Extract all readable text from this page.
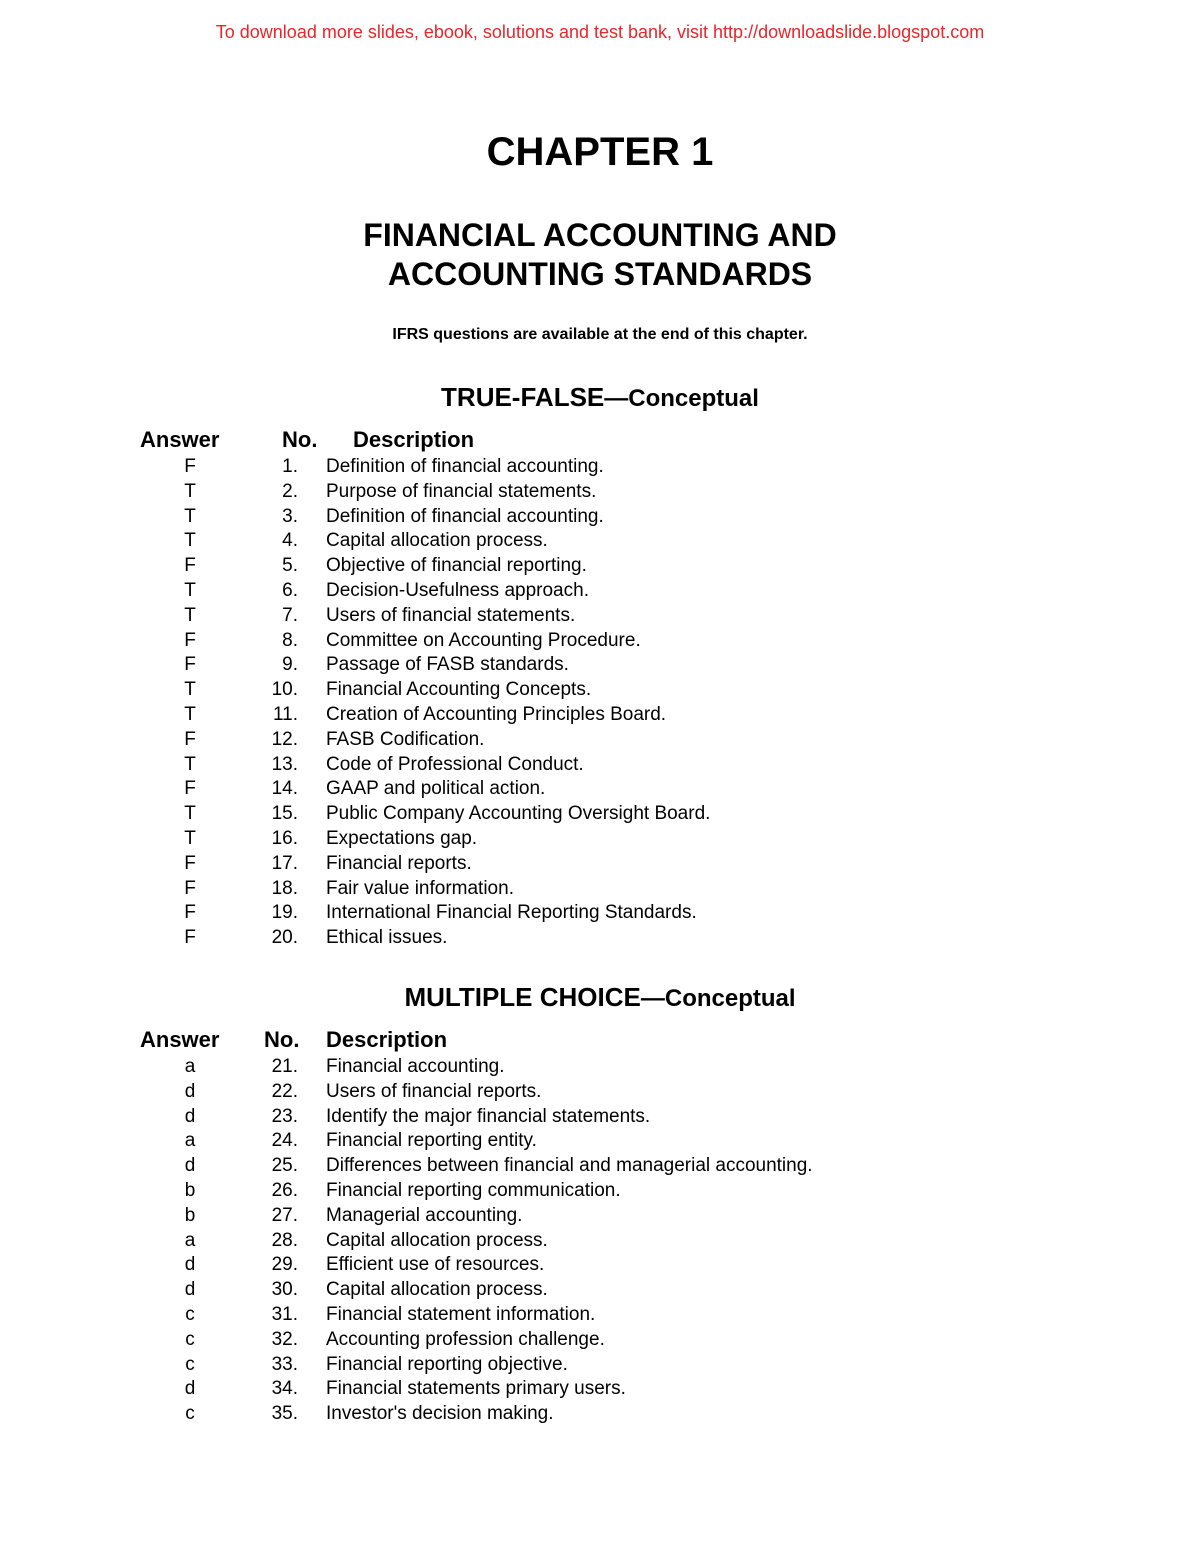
To download more slides, ebook, solutions and test bank, visit http://downloadslide.blogspot.com
CHAPTER 1
FINANCIAL ACCOUNTING AND
ACCOUNTING STANDARDS
IFRS questions are available at the end of this chapter.
TRUE-FALSE—Conceptual
Answer	No. Description
F	1. Definition of financial accounting.
T	2. Purpose of financial statements.
T	3. Definition of financial accounting.
T	4. Capital allocation process.
F	5. Objective of financial reporting.
T	6. Decision-Usefulness approach.
T	7. Users of financial statements.
F	8. Committee on Accounting Procedure.
F	9. Passage of FASB standards.
T	10. Financial Accounting Concepts.
T	11. Creation of Accounting Principles Board.
F	12. FASB Codification.
T	13. Code of Professional Conduct.
F	14. GAAP and political action.
T	15. Public Company Accounting Oversight Board.
T	16. Expectations gap.
F	17. Financial reports.
F	18. Fair value information.
F	19. International Financial Reporting Standards.
F	20. Ethical issues.
MULTIPLE CHOICE—Conceptual
Answer No. Description
a	21. Financial accounting.
d	22. Users of financial reports.
d	23. Identify the major financial statements.
a	24. Financial reporting entity.
d	25. Differences between financial and managerial accounting.
b	26. Financial reporting communication.
b	27. Managerial accounting.
a	28. Capital allocation process.
d	29. Efficient use of resources.
d	30. Capital allocation process.
c	31. Financial statement information.
c	32. Accounting profession challenge.
c	33. Financial reporting objective.
d	34. Financial statements primary users.
c	35. Investor's decision making.
